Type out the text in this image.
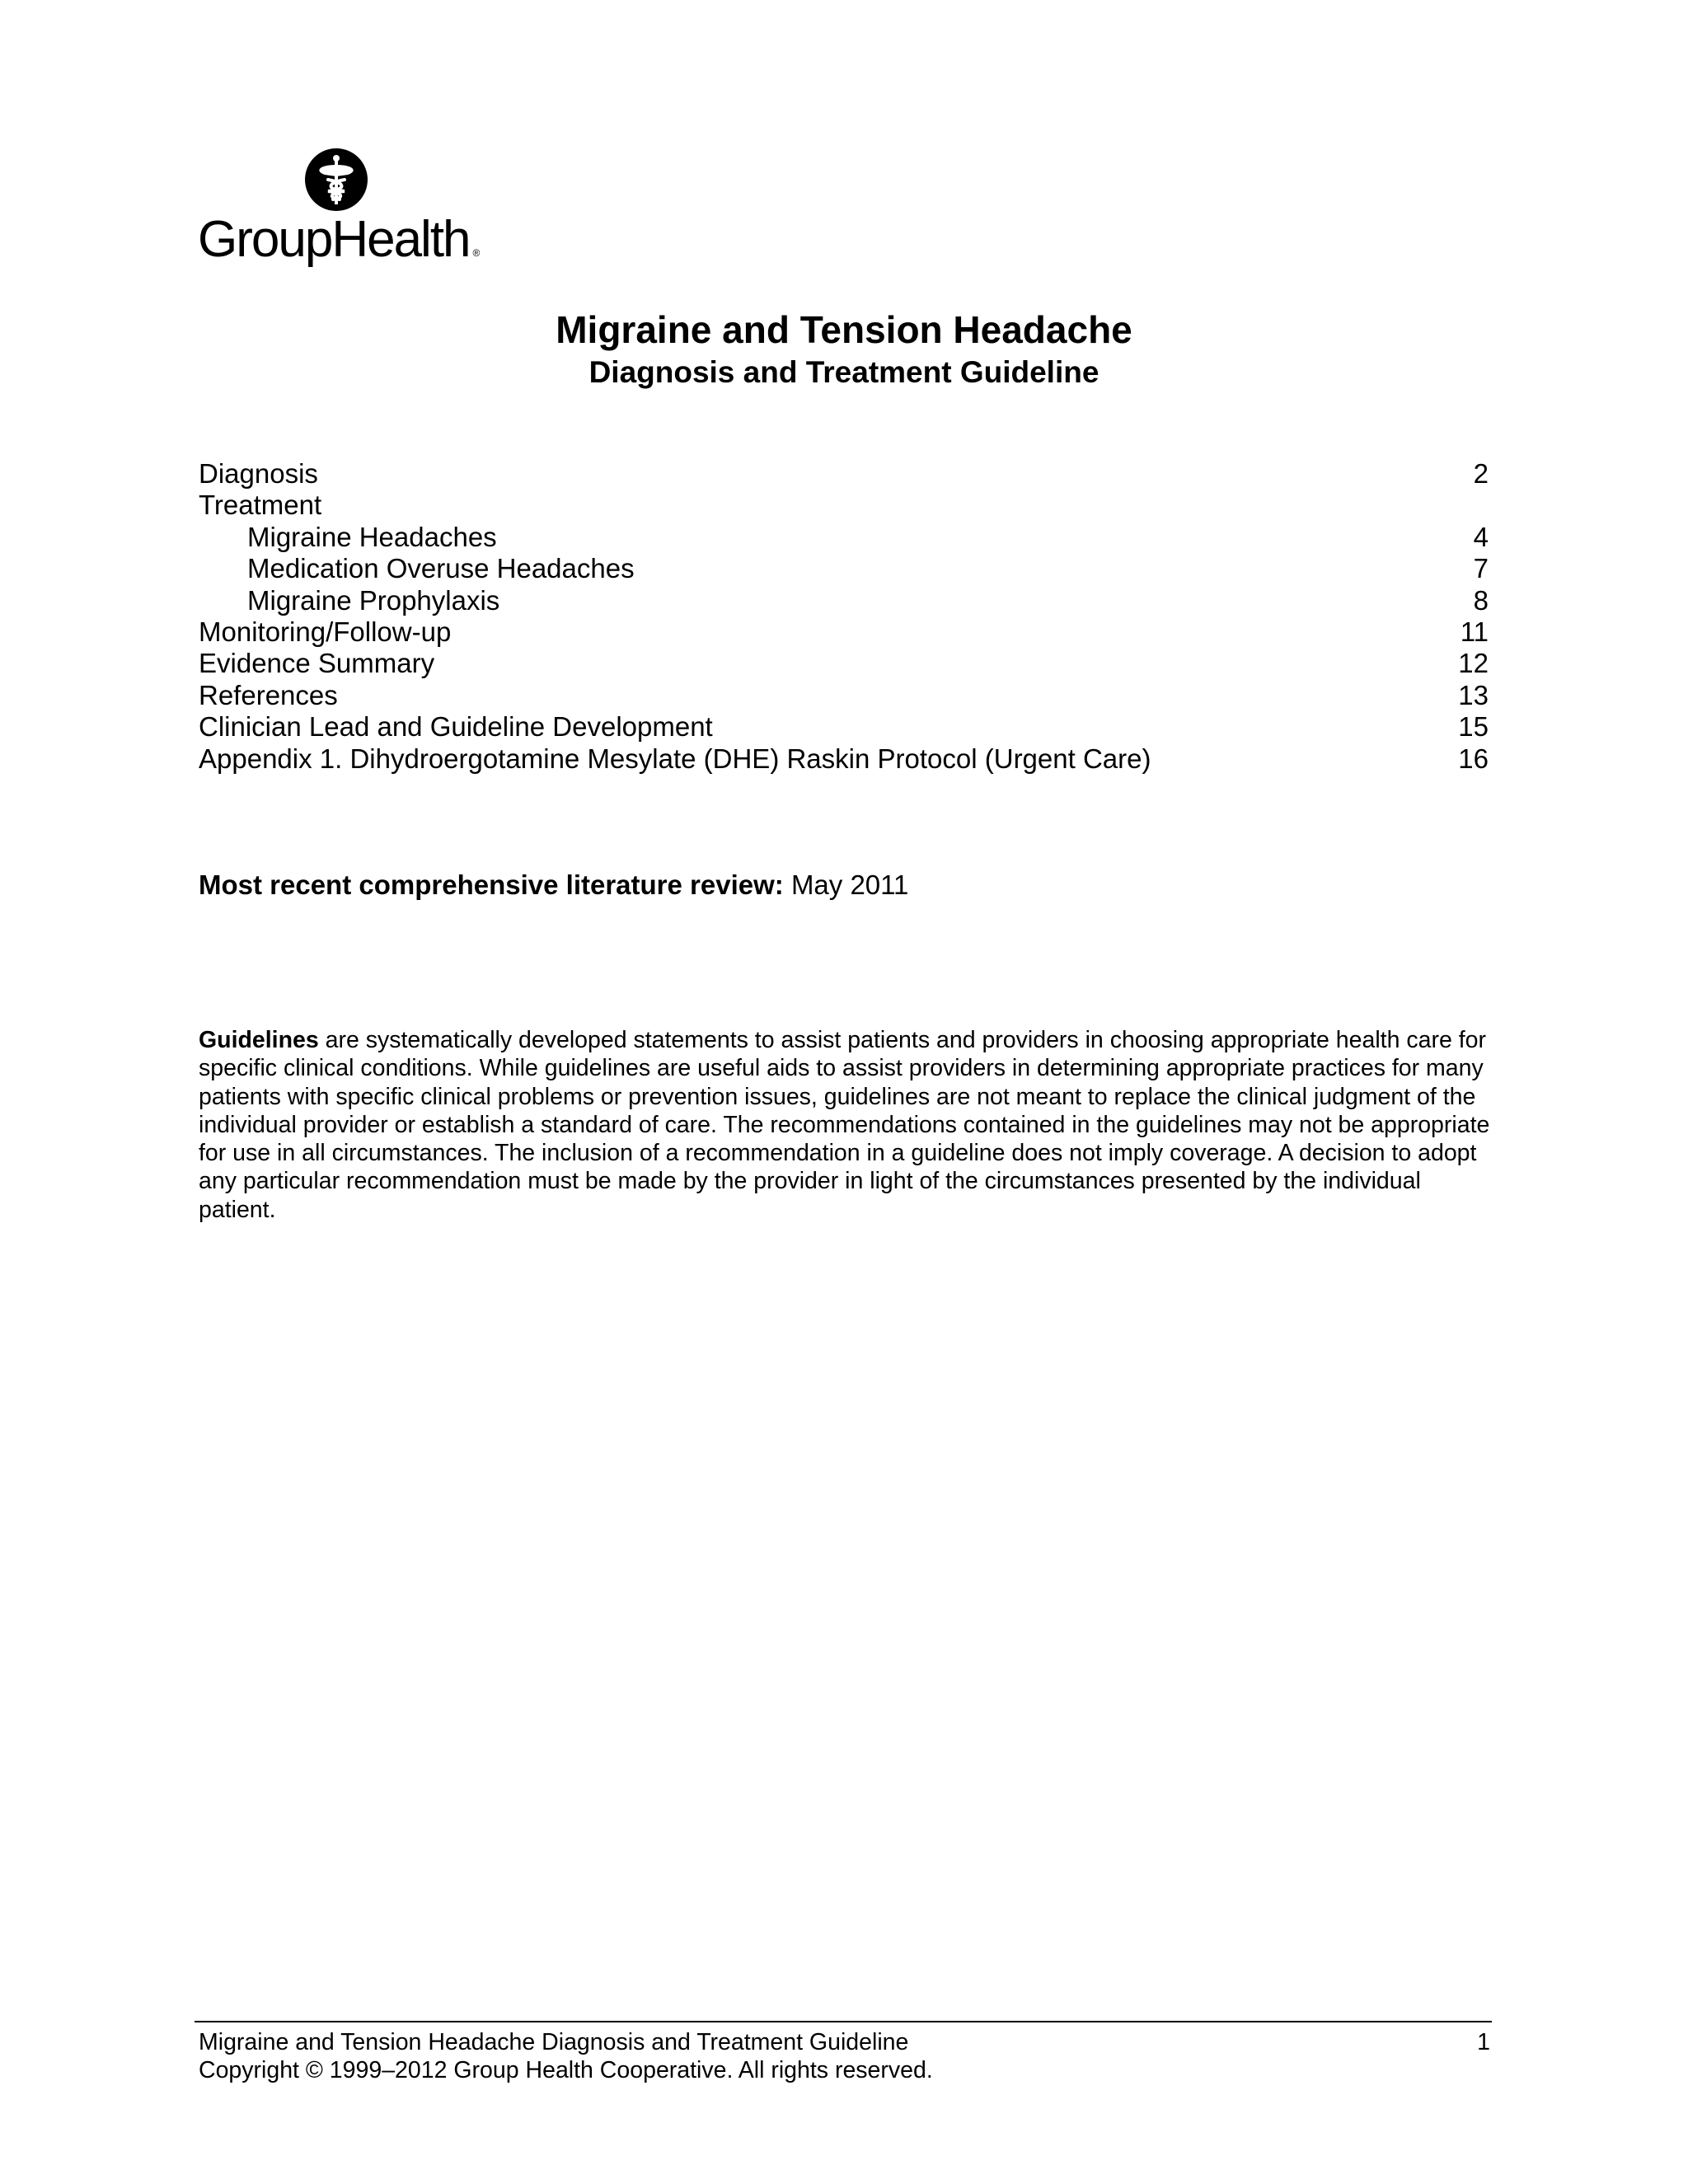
GroupHealth ®
Migraine and Tension Headache
Diagnosis and Treatment Guideline
Diagnosis	2
Treatment
Migraine Headaches	4
Medication Overuse Headaches	7
Migraine Prophylaxis	8
Monitoring/Follow-up	11
Evidence Summary	12
References	13
Clinician Lead and Guideline Development	15
Appendix 1. Dihydroergotamine Mesylate (DHE) Raskin Protocol (Urgent Care)	16
Most recent comprehensive literature review: May 2011

Guidelines are systematically developed statements to assist patients and providers in choosing appropriate health care for specific clinical conditions. While guidelines are useful aids to assist providers in determining appropriate practices for many patients with specific clinical problems or prevention issues, guidelines are not meant to replace the clinical judgment of the individual provider or establish a standard of care. The recommendations contained in the guidelines may not be appropriate for use in all circumstances. The inclusion of a recommendation in a guideline does not imply coverage. A decision to adopt any particular recommendation must be made by the provider in light of the circumstances presented by the individual patient.

Migraine and Tension Headache Diagnosis and Treatment Guideline
Copyright © 1999–2012 Group Health Cooperative. All rights reserved.
1
